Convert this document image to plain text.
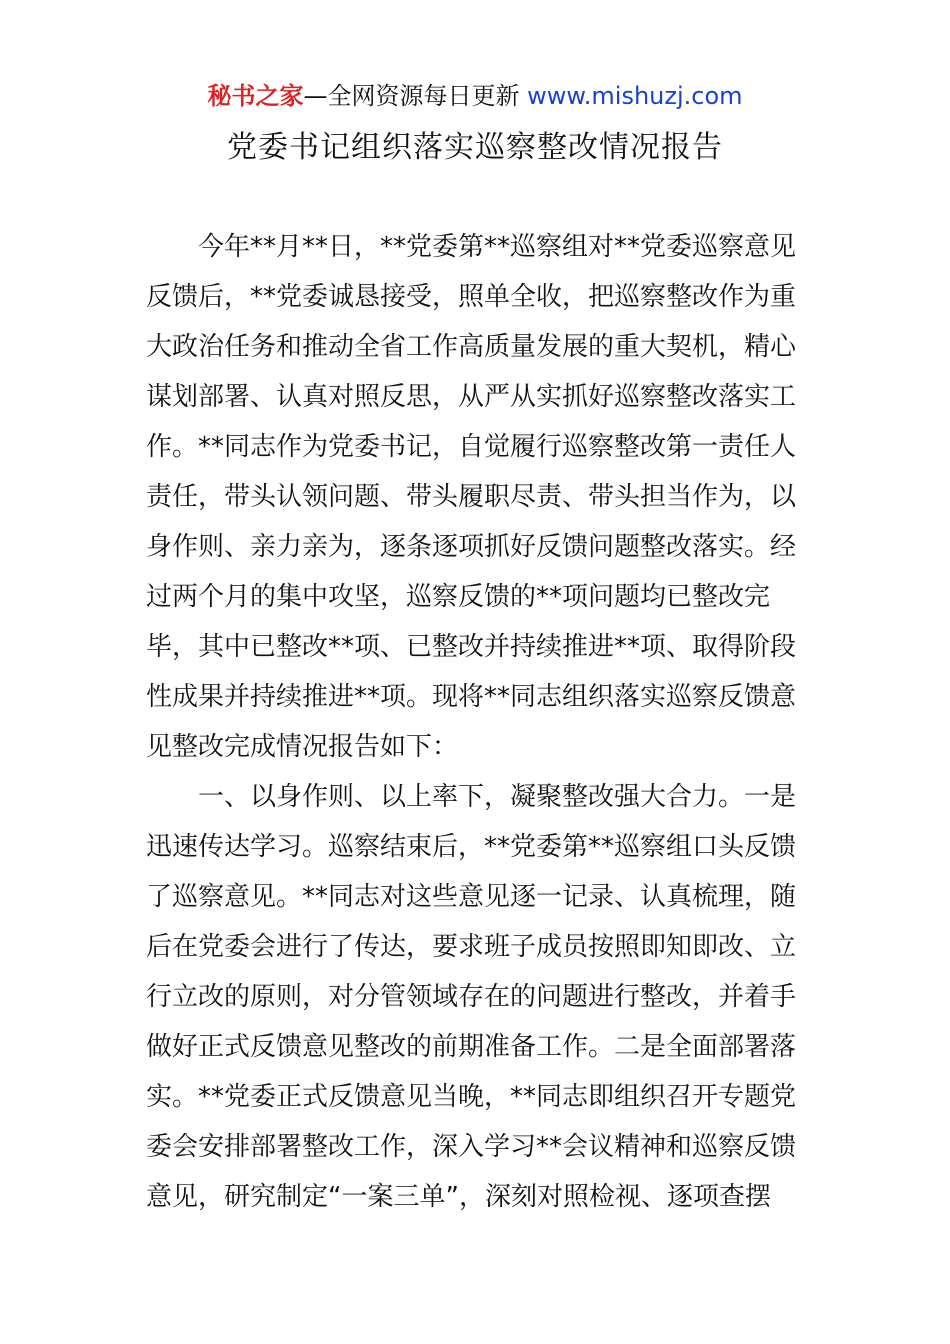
秘书之家—全网资源每日更新 www.mishuzj.com
党委书记组织落实巡察整改情况报告
　　今年**月**日，**党委第**巡察组对**党委巡察意见
反馈后，**党委诚恳接受，照单全收，把巡察整改作为重
大政治任务和推动全省工作高质量发展的重大契机，精心
谋划部署、认真对照反思，从严从实抓好巡察整改落实工
作。**同志作为党委书记，自觉履行巡察整改第一责任人
责任，带头认领问题、带头履职尽责、带头担当作为，以
身作则、亲力亲为，逐条逐项抓好反馈问题整改落实。经
过两个月的集中攻坚，巡察反馈的**项问题均已整改完
毕，其中已整改**项、已整改并持续推进**项、取得阶段
性成果并持续推进**项。现将**同志组织落实巡察反馈意
见整改完成情况报告如下：
　　一、以身作则、以上率下，凝聚整改强大合力。一是
迅速传达学习。巡察结束后，**党委第**巡察组口头反馈
了巡察意见。**同志对这些意见逐一记录、认真梳理，随
后在党委会进行了传达，要求班子成员按照即知即改、立
行立改的原则，对分管领域存在的问题进行整改，并着手
做好正式反馈意见整改的前期准备工作。二是全面部署落
实。**党委正式反馈意见当晚，**同志即组织召开专题党
委会安排部署整改工作，深入学习**会议精神和巡察反馈
意见，研究制定“一案三单”，深刻对照检视、逐项查摆
